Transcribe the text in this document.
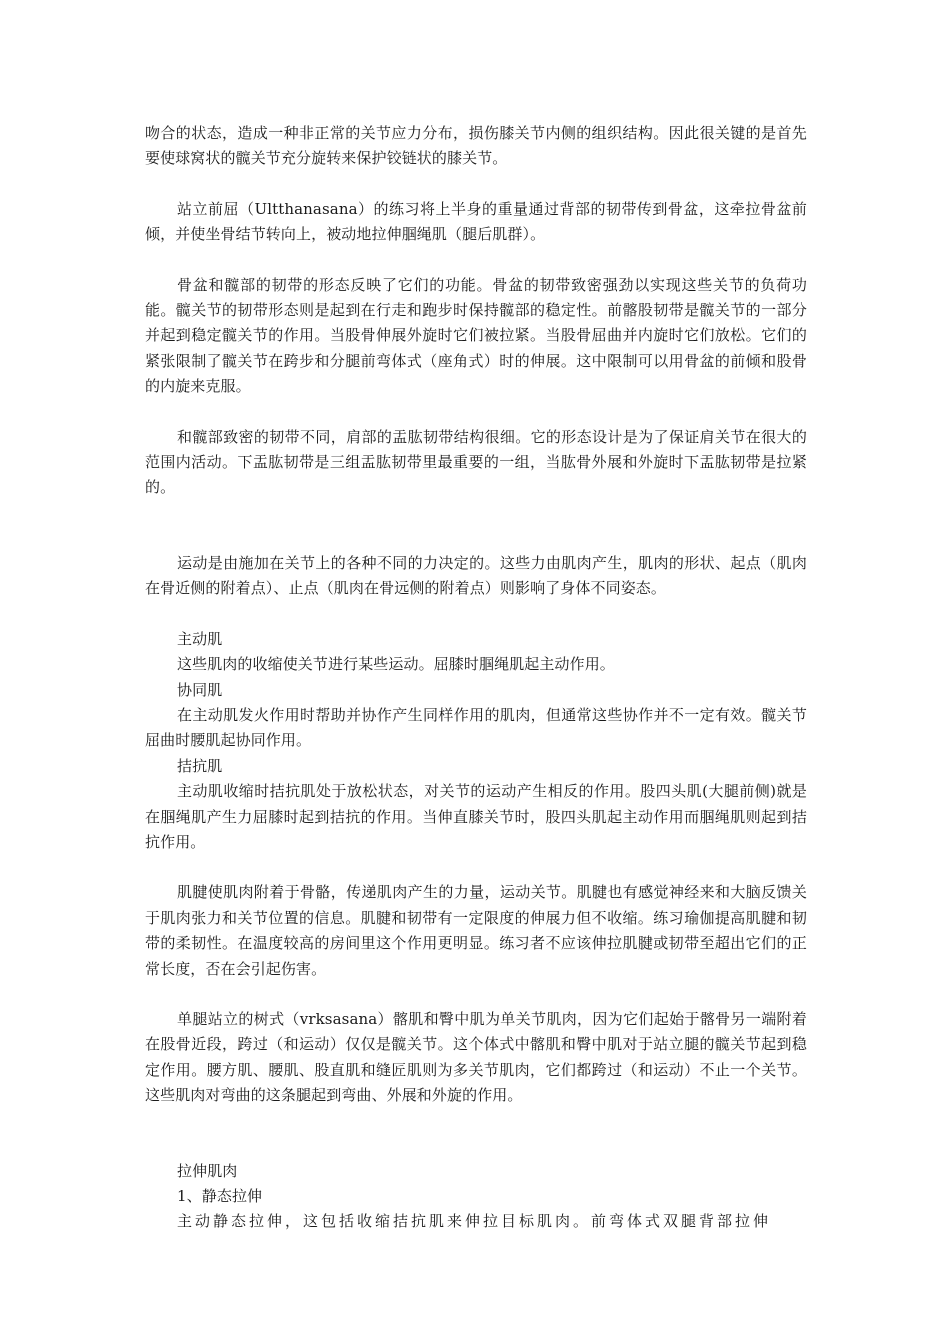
吻合的状态，造成一种非正常的关节应力分布，损伤膝关节内侧的组织结构。因此很关键的是首先要使球窝状的髋关节充分旋转来保护铰链状的膝关节。

站立前屈（Ultthanasana）的练习将上半身的重量通过背部的韧带传到骨盆，这牵拉骨盆前倾，并使坐骨结节转向上，被动地拉伸腘绳肌（腿后肌群）。

骨盆和髋部的韧带的形态反映了它们的功能。骨盆的韧带致密强劲以实现这些关节的负荷功能。髋关节的韧带形态则是起到在行走和跑步时保持髋部的稳定性。前髂股韧带是髋关节的一部分并起到稳定髋关节的作用。当股骨伸展外旋时它们被拉紧。当股骨屈曲并内旋时它们放松。它们的紧张限制了髋关节在跨步和分腿前弯体式（座角式）时的伸展。这中限制可以用骨盆的前倾和股骨的内旋来克服。

和髋部致密的韧带不同，肩部的盂肱韧带结构很细。它的形态设计是为了保证肩关节在很大的范围内活动。下盂肱韧带是三组盂肱韧带里最重要的一组，当肱骨外展和外旋时下盂肱韧带是拉紧的。

运动是由施加在关节上的各种不同的力决定的。这些力由肌肉产生，肌肉的形状、起点（肌肉在骨近侧的附着点）、止点（肌肉在骨远侧的附着点）则影响了身体不同姿态。

主动肌

这些肌肉的收缩使关节进行某些运动。屈膝时腘绳肌起主动作用。

协同肌

在主动肌发火作用时帮助并协作产生同样作用的肌肉，但通常这些协作并不一定有效。髋关节屈曲时腰肌起协同作用。

拮抗肌

主动肌收缩时拮抗肌处于放松状态，对关节的运动产生相反的作用。股四头肌(大腿前侧)就是在腘绳肌产生力屈膝时起到拮抗的作用。当伸直膝关节时，股四头肌起主动作用而腘绳肌则起到拮抗作用。

肌腱使肌肉附着于骨骼，传递肌肉产生的力量，运动关节。肌腱也有感觉神经来和大脑反馈关于肌肉张力和关节位置的信息。肌腱和韧带有一定限度的伸展力但不收缩。练习瑜伽提高肌腱和韧带的柔韧性。在温度较高的房间里这个作用更明显。练习者不应该伸拉肌腱或韧带至超出它们的正常长度，否在会引起伤害。

单腿站立的树式（vrksasana）髂肌和臀中肌为单关节肌肉，因为它们起始于髂骨另一端附着在股骨近段，跨过（和运动）仅仅是髋关节。这个体式中髂肌和臀中肌对于站立腿的髋关节起到稳定作用。腰方肌、腰肌、股直肌和缝匠肌则为多关节肌肉，它们都跨过（和运动）不止一个关节。这些肌肉对弯曲的这条腿起到弯曲、外展和外旋的作用。

拉伸肌肉

1、静态拉伸

主动静态拉伸，这包括收缩拮抗肌来伸拉目标肌肉。前弯体式双腿背部拉伸
